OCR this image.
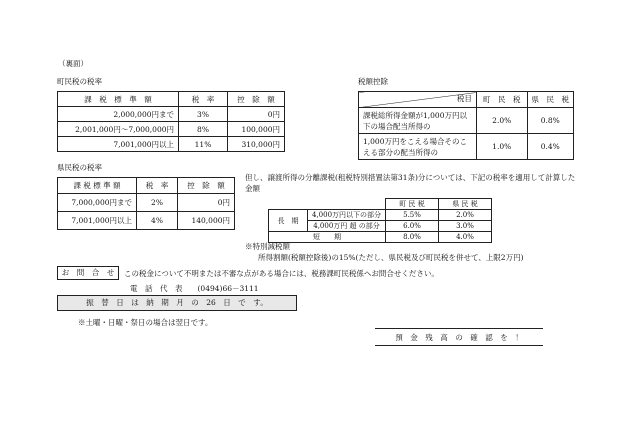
（裏面）
町民税の税率
課　税　標　準　額	税　率	控　除　額
2,000,000円まで	3%	0円
2,001,000円～7,000,000円	8%	100,000円
7,001,000円以上	11%	310,000円
税額控除
税目	町　民　税	県　民　税
課税総所得金額が1,000万円以下の場合配当所得の	2.0%	0.8%
1,000万円をこえる場合そのこえる部分の配当所得の	1.0%	0.4%
県民税の税率
課 税 標 準 額	税　率	控　除　額
7,000,000円まで	2%	0円
7,001,000円以上	4%	140,000円
但し、譲渡所得の分離課税(租税特別措置法第31条)分については、下記の税率を適用して計算した金額
		町 民 税	県 民 税
長　期	4,000万円以下の部分	5.5%	2.0%
	4,000万円 超 の部分	6.0%	3.0%
短　　期		8.0%	4.0%
※特別減税額
所得割額(税額控除後)の15%(ただし、県民税及び町民税を併せて、上限2万円)
お　問　合　せ	この税金について不明または不審な点がある場合には、税務課町民税係へお問合せください。
電　話　代　表　　(0494)66－3111
振　替　日　は　納　期　月　の　26　日　で　す。
※土曜・日曜・祭日の場合は翌日です。
預　金　残　高　の　確　認　を　！
